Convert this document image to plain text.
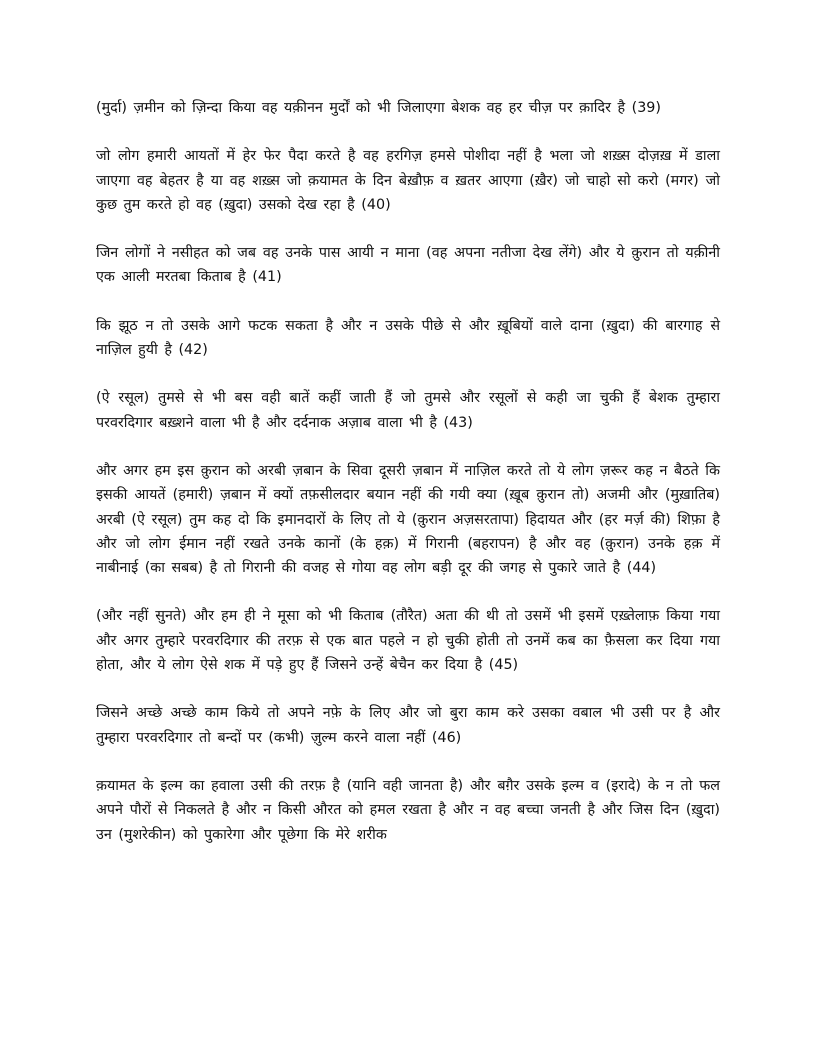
(मुर्दा) ज़मीन को ज़िन्दा किया वह यक़ीनन मुर्दों को भी जिलाएगा बेशक वह हर चीज़ पर क़ादिर है (39)

जो लोग हमारी आयतों में हेर फेर पैदा करते है वह हरगिज़ हमसे पोशीदा नहीं है भला जो शख़्स दोज़ख़ में डाला जाएगा वह बेहतर है या वह शख़्स जो क़यामत के दिन बेख़ौफ़ व ख़तर आएगा (ख़ैर) जो चाहो सो करो (मगर) जो कुछ तुम करते हो वह (ख़ुदा) उसको देख रहा है (40)

जिन लोगों ने नसीहत को जब वह उनके पास आयी न माना (वह अपना नतीजा देख लेंगे) और ये क़ुरान तो यक़ीनी एक आली मरतबा किताब है (41)

कि झूठ न तो उसके आगे फटक सकता है और न उसके पीछे से और ख़ूबियों वाले दाना (ख़ुदा) की बारगाह से नाज़िल हुयी है (42)

(ऐ रसूल) तुमसे से भी बस वही बातें कहीं जाती हैं जो तुमसे और रसूलों से कही जा चुकी हैं बेशक तुम्हारा परवरदिगार बख़्शने वाला भी है और दर्दनाक अज़ाब वाला भी है (43)

और अगर हम इस क़ुरान को अरबी ज़बान के सिवा दूसरी ज़बान में नाज़िल करते तो ये लोग ज़रूर कह न बैठते कि इसकी आयतें (हमारी) ज़बान में क्यों तफ़सीलदार बयान नहीं की गयी क्या (ख़ूब क़ुरान तो) अजमी और (मुख़ातिब) अरबी (ऐ रसूल) तुम कह दो कि इमानदारों के लिए तो ये (क़ुरान अज़सरतापा) हिदायत और (हर मर्ज़ की) शिफ़ा है और जो लोग ईमान नहीं रखते उनके कानों (के हक़) में गिरानी (बहरापन) है और वह (क़ुरान) उनके हक़ में नाबीनाई (का सबब) है तो गिरानी की वजह से गोया वह लोग बड़ी दूर की जगह से पुकारे जाते है (44)

(और नहीं सुनते) और हम ही ने मूसा को भी किताब (तौरैत) अता की थी तो उसमें भी इसमें एख़्तेलाफ़ किया गया और अगर तुम्हारे परवरदिगार की तरफ़ से एक बात पहले न हो चुकी होती तो उनमें कब का फ़ैसला कर दिया गया होता, और ये लोग ऐसे शक में पड़े हुए हैं जिसने उन्हें बेचैन कर दिया है (45)

जिसने अच्छे अच्छे काम किये तो अपने नफ़े के लिए और जो बुरा काम करे उसका वबाल भी उसी पर है और तुम्हारा परवरदिगार तो बन्दों पर (कभी) ज़ुल्म करने वाला नहीं (46)

क़यामत के इल्म का हवाला उसी की तरफ़ है (यानि वही जानता है) और बग़ैर उसके इल्म व (इरादे) के न तो फल अपने पौरों से निकलते है और न किसी औरत को हमल रखता है और न वह बच्चा जनती है और जिस दिन (ख़ुदा) उन (मुशरेकीन) को पुकारेगा और पूछेगा कि मेरे शरीक
